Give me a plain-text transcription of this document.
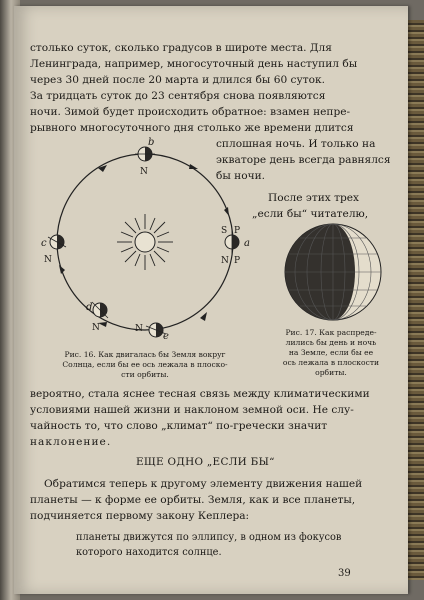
столько суток, сколько градусов в широте места. Для
Ленинграда, например, многосуточный день наступил бы
через 30 дней после 20 марта и длился бы 60 суток.
За тридцать суток до 23 сентября снова появляются
ночи. Зимой будет происходить обратное: взамен непре-
рывного многосуточного дня столько же времени длится
сплошная ночь. И только на
экваторе день всегда равнялся
бы ночи.
После этих трех
„если бы“ читателю,
b
N
c
N
d
N
e
N
a
S P
N P
Рис. 16. Как двигалась бы Земля вокруг
Солнца, если бы ее ось лежала в плоско-
сти орбиты.
Рис. 17. Как распреде-
лились бы день и ночь
на Земле, если бы ее
ось лежала в плоскости
орбиты.
вероятно, стала яснее тесная связь между климатическими
условиями нашей жизни и наклоном земной оси. Не слу-
чайность то, что слово „климат“ по-гречески значит
наклонение.
ЕЩЕ ОДНО „ЕСЛИ БЫ“
Обратимся теперь к другому элементу движения нашей
планеты — к форме ее орбиты. Земля, как и все планеты,
подчиняется первому закону Кеплера:
планеты движутся по эллипсу, в одном из фокусов
которого находится солнце.
39
